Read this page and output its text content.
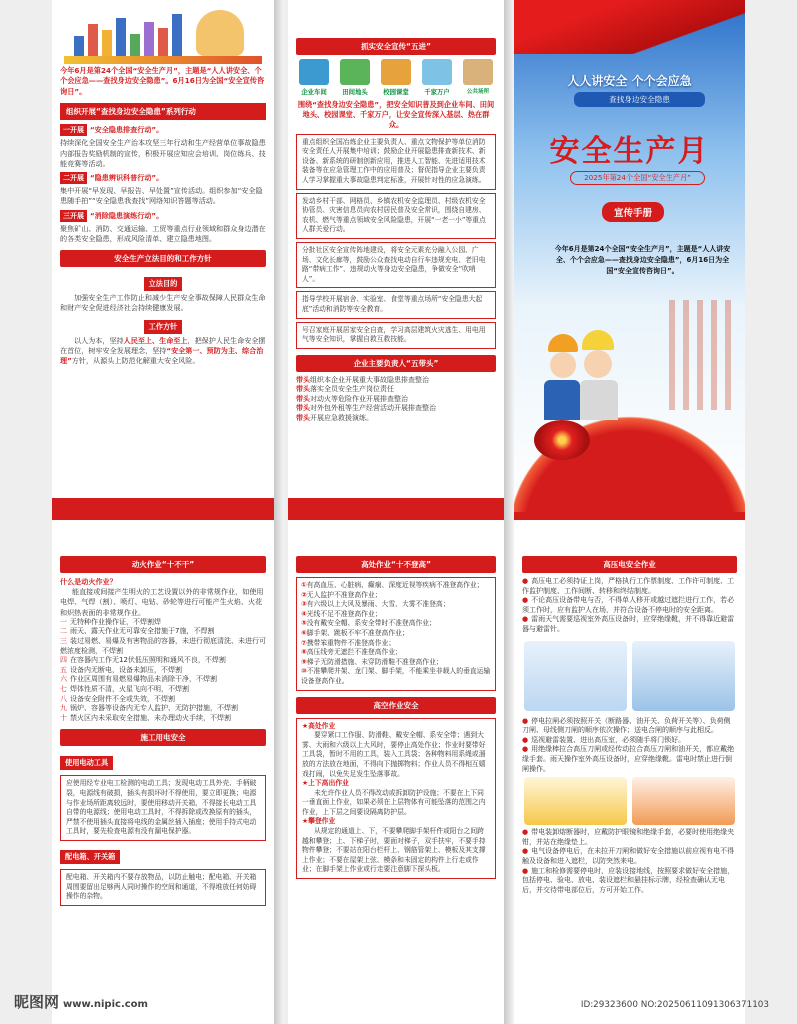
今年6月是第24个全国“安全生产月”，主题是“人人讲安全、个个会应急——查找身边安全隐患”。6月16日为全国“安全宣传咨询日”。
组织开展“查找身边安全隐患”系列行动
一开展 “安全隐患排查行动”。
持续深化全国安全生产治本攻坚三年行动和生产经营单位事故隐患内部报告奖励机制的宣传，积极开展应知应会培训、岗位练兵、技能竞赛等活动。
二开展 “隐患辨识科普行动”。
集中开展“早发现、早报告、早处置”宣传活动。组织参加“安全隐患随手拍”“安全隐患我查找”网络知识答题等活动。
三开展 “消除隐患演练行动”。
聚焦矿山、消防、交通运输、工贸等重点行业领域和群众身边潜在的各类安全隐患，形成风险清单、建立隐患地图。
安全生产立法目的和工作方针
立法目的
加强安全生产工作防止和减少生产安全事故保障人民群众生命和财产安全促进经济社会持续健康发展。
工作方针
以人为本，坚持人民至上、生命至上，把保护人民生命安全摆在首位，树牢安全发展理念，坚持“安全第一、预防为主、综合治理”方针，从源头上防范化解重大安全风险。
抓实安全宣传“五进”
企业车间	田间地头	校园课堂	千家万户	公共场所
围绕“查找身边安全隐患”，把安全知识普及到企业车间、田间地头、校园课堂、千家万户，让安全宣传深入基层、热在群众。
重点组织全国冶炼企业主要负责人、重点文物保护等单位消防安全责任人开展集中培训；鼓励企业开展隐患排查新技术、新设备、新系统的研制创新应用，推进人工智能、先进适用技术装备等在应急管理工作中的应用普及；督促指导企业主要负责人学习掌握重大事故隐患判定标准，开展针对性的应急演练。
发动乡村干部、网格员、乡镇农机安全监理员、村级农机安全协管员、灾害信息员向农村居民普及安全常识，围绕自建房、农机、燃气等重点领域安全风险隐患，开展“一老一小”等重点人群关爱行动。
分批社区安全宣传阵地建设，将安全元素充分融入公园、广场、文化长廊等，鼓励公众查找电动自行车违规充电、老旧电路“带病工作”、违规动火等身边安全隐患，争做安全“吹哨人”。
指导学校开展宿舍、实验室、食堂等重点场所“安全隐患大起底”活动和消防等安全教育。
号召家庭开展居家安全自查，学习高层建筑火灾逃生、用电用气等安全知识，掌握自救互救技能。
企业主要负责人“五带头”
带头组织本企业开展重大事故隐患排查整治
带头落实全员安全生产岗位责任
带头对动火等危险作业开展排查整治
带头对外包外租等生产经营活动开展排查整治
带头开展应急救援演练。
人人讲安全 个个会应急
查找身边安全隐患
安全生产月
2025年第24个全国“安全生产月”
宣传手册
今年6月是第24个全国“安全生产月”，主题是“人人讲安全、个个会应急——查找身边安全隐患”，6月16日为全国“安全宣传咨询日”。
动火作业“十不干”
什么是动火作业？
能直接或间接产生明火的工艺设置以外的非常规作业，如使用电焊、气焊（割）、喷灯、电钻、砂轮等进行可能产生火焰、火花和炽热表面的非常规作业。
一 无特种作业操作证，不焊割焊
二 雨天、露天作业无可靠安全措施于7施，不焊割
三 装过易燃、易爆及有害物品的容器，未进行彻底清洗、未进行可燃浓度检测，不焊割
四 在容器内工作无12伏低压照明和通风不良，不焊割
五 设备内无断电，设备未卸压，不焊割
六 作业区周围有易燃易爆物品未消除干净，不焊割
七 焊体性质不清，火星飞向不明，不焊割
八 设备安全附件不全或失效，不焊割
九 锅炉、容器等设备内无专人监护、无防护措施，不焊割
十 禁火区内未采取安全措施、未办理动火手续，不焊割
施工用电安全
使用电动工具
应使用经专业电工检测的电动工具；发现电动工具外壳、手柄破裂，电源线有破损，插头有损坏时不得使用，要立即更换；电源与作业场所距离较远时，要使用移动开关箱，不得接长电动工具自带的电源线；使用电动工具时，不得拆除或改换原有的插头，严禁不使用插头直接将电线的金属丝插入插座；使用手持式电动工具时，要先检查电源有没有漏电保护器。
配电箱、开关箱
配电箱、开关箱内不要存放物品，以防止触电；配电箱、开关箱周围要留出足够两人同时操作的空间和通道，不得堆放任何妨碍操作的杂物。
高处作业“十不登高”
①有高血压、心脏病、癫痫、深度近视等疾病不准登高作业；
②无人监护不准登高作业；
③有六级以上大风及暴雨、大雪、大雾不准登高；
④光线不足不准登高作业；
⑤没有戴安全帽、系安全带时不准登高作业；
⑥脚手架、跳板不牢不准登高作业；
⑦携带笨重物件不准登高作业；
⑧高压线旁无遮拦不准登高作业；
⑨梯子无防滑措施、未穿防滑鞋不准登高作业；
⑩不准攀爬井架、龙门架、脚手架，不能乘坐非载人的垂直运输设备登高作业。
高空作业安全
★高处作业
要穿紧口工作服、防滑鞋、戴安全帽、系安全带；遇到大雾、大雨和六级以上大风时，要停止高处作业；作业时要带好工具袋，暂时不用的工具，装入工具袋；各种物料用系绳或溜放的方法放在地面，不得向下抛掷物料；作业人员不得相互嬉戏打闹，以免失足发生坠落事故。
★上下高出作业
未允许作业人员不得改动或拆卸防护设施；不要在上下同一垂直面上作业，如果必须在上层物体有可能坠落的范围之内作业，上下层之间要设隔离防护层。
★攀登作业
从规定的通道上、下，不要攀爬脚手架杆件或阳台之间跨越和攀登；上、下梯子时，要面对梯子，双手扶牢，不要手持物件攀登；不要站在阳台栏杆上、钢筋管架上、模板及其支撑上作业；不要在屋架上弦、模条和未固定的构件上行走或作业；在脚手架上作业或行走要注意脚下探头板。
高压电安全作业
● 高压电工必须持证上岗，严格执行工作票制度、工作许可制度、工作监护制度、工作间断、转移和终结制度。
● 不论高压设备带电与否，不得单人移开或越过遮拦进行工作，若必须工作时，应有监护人在场，并符合设备不停电时的安全距离。
● 雷雨天气需要巡视室外高压设备时，应穿绝缘靴，并不得靠近避雷器与避雷针。
● 停电拉闸必须按照开关（断路器、油开关、负荷开关等）、负荷侧刀闸、母线侧刀闸的顺序依次操作；送电合闸的顺序与此相反。
● 巡视避雷装置、进出高压室，必须随手将门锁好。
● 用绝缘棒拉合高压刀闸或经传动拉合高压刀闸和油开关，都应戴绝缘手套。雨天操作室外高压设备时，应穿绝缘靴。雷电时禁止进行倒闸操作。
● 带电装卸熔断器时，应戴防护眼镜和绝缘手套，必要时使用绝缘夹钳，并站在绝缘垫上。
● 电气设备停电后，在未拉开刀闸和做好安全措施以前应视有电不得触及设备和进入遮栏，以防突然来电。
● 施工和检修需要停电时，应装设接地线，按照要求做好安全措施，包括停电、验电、放电、装设遮栏和悬挂标示牌，经检查确认无电后，并交待带电部位后，方可开始工作。
昵图网 www.nipic.com	ID:29323600 NO:20250611091306371103
